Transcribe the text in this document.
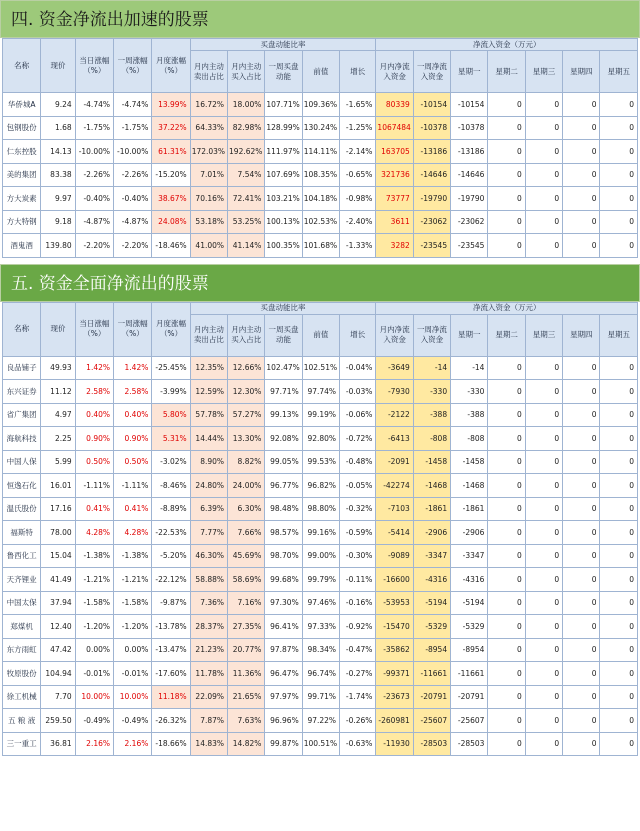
四. 资金净流出加速的股票
名称	现价	当日涨幅（%）	一周涨幅（%）	月度涨幅（%）	买盘动能比率					净流入资金（万元）						
					月内主动卖出占比	月内主动买入占比	一周买盘动能	前值	增长	月内净流入资金	一周净流入资金	星期一	星期二	星期三	星期四	星期五
华侨城A	9.24	-4.74%	-4.74%	13.99%	16.72%	18.00%	107.71%	109.36%	-1.65%	80339	-10154	-10154	0	0	0	0
包钢股份	1.68	-1.75%	-1.75%	37.22%	64.33%	82.98%	128.99%	130.24%	-1.25%	1067484	-10378	-10378	0	0	0	0
仁东控股	14.13	-10.00%	-10.00%	61.31%	172.03%	192.62%	111.97%	114.11%	-2.14%	163705	-13186	-13186	0	0	0	0
美的集团	83.38	-2.26%	-2.26%	-15.20%	7.01%	7.54%	107.69%	108.35%	-0.65%	321736	-14646	-14646	0	0	0	0
方大炭素	9.97	-0.40%	-0.40%	38.67%	70.16%	72.41%	103.21%	104.18%	-0.98%	73777	-19790	-19790	0	0	0	0
方大特钢	9.18	-4.87%	-4.87%	24.08%	53.18%	53.25%	100.13%	102.53%	-2.40%	3611	-23062	-23062	0	0	0	0
酒鬼酒	139.80	-2.20%	-2.20%	-18.46%	41.00%	41.14%	100.35%	101.68%	-1.33%	3282	-23545	-23545	0	0	0	0
五. 资金全面净流出的股票
名称	现价	当日涨幅（%）	一周涨幅（%）	月度涨幅（%）	买盘动能比率					净流入资金（万元）						
					月内主动卖出占比	月内主动买入占比	一周买盘动能	前值	增长	月内净流入资金	一周净流入资金	星期一	星期二	星期三	星期四	星期五
良品铺子	49.93	1.42%	1.42%	-25.45%	12.35%	12.66%	102.47%	102.51%	-0.04%	-3649	-14	-14	0	0	0	0
东兴证券	11.12	2.58%	2.58%	-3.99%	12.59%	12.30%	97.71%	97.74%	-0.03%	-7930	-330	-330	0	0	0	0
省广集团	4.97	0.40%	0.40%	5.80%	57.78%	57.27%	99.13%	99.19%	-0.06%	-2122	-388	-388	0	0	0	0
海航科技	2.25	0.90%	0.90%	5.31%	14.44%	13.30%	92.08%	92.80%	-0.72%	-6413	-808	-808	0	0	0	0
中国人保	5.99	0.50%	0.50%	-3.02%	8.90%	8.82%	99.05%	99.53%	-0.48%	-2091	-1458	-1458	0	0	0	0
恒逸石化	16.01	-1.11%	-1.11%	-8.46%	24.80%	24.00%	96.77%	96.82%	-0.05%	-42274	-1468	-1468	0	0	0	0
温氏股份	17.16	0.41%	0.41%	-8.89%	6.39%	6.30%	98.48%	98.80%	-0.32%	-7103	-1861	-1861	0	0	0	0
福斯特	78.00	4.28%	4.28%	-22.53%	7.77%	7.66%	98.57%	99.16%	-0.59%	-5414	-2906	-2906	0	0	0	0
鲁西化工	15.04	-1.38%	-1.38%	-5.20%	46.30%	45.69%	98.70%	99.00%	-0.30%	-9089	-3347	-3347	0	0	0	0
天齐锂业	41.49	-1.21%	-1.21%	-22.12%	58.88%	58.69%	99.68%	99.79%	-0.11%	-16600	-4316	-4316	0	0	0	0
中国太保	37.94	-1.58%	-1.58%	-9.87%	7.36%	7.16%	97.30%	97.46%	-0.16%	-53953	-5194	-5194	0	0	0	0
郑煤机	12.40	-1.20%	-1.20%	-13.78%	28.37%	27.35%	96.41%	97.33%	-0.92%	-15470	-5329	-5329	0	0	0	0
东方雨虹	47.42	0.00%	0.00%	-13.47%	21.23%	20.77%	97.87%	98.34%	-0.47%	-35862	-8954	-8954	0	0	0	0
牧原股份	104.94	-0.01%	-0.01%	-17.60%	11.78%	11.36%	96.47%	96.74%	-0.27%	-99371	-11661	-11661	0	0	0	0
徐工机械	7.70	10.00%	10.00%	11.18%	22.09%	21.65%	97.97%	99.71%	-1.74%	-23673	-20791	-20791	0	0	0	0
五 粮 液	259.50	-0.49%	-0.49%	-26.32%	7.87%	7.63%	96.96%	97.22%	-0.26%	-260981	-25607	-25607	0	0	0	0
三一重工	36.81	2.16%	2.16%	-18.66%	14.83%	14.82%	99.87%	100.51%	-0.63%	-11930	-28503	-28503	0	0	0	0
